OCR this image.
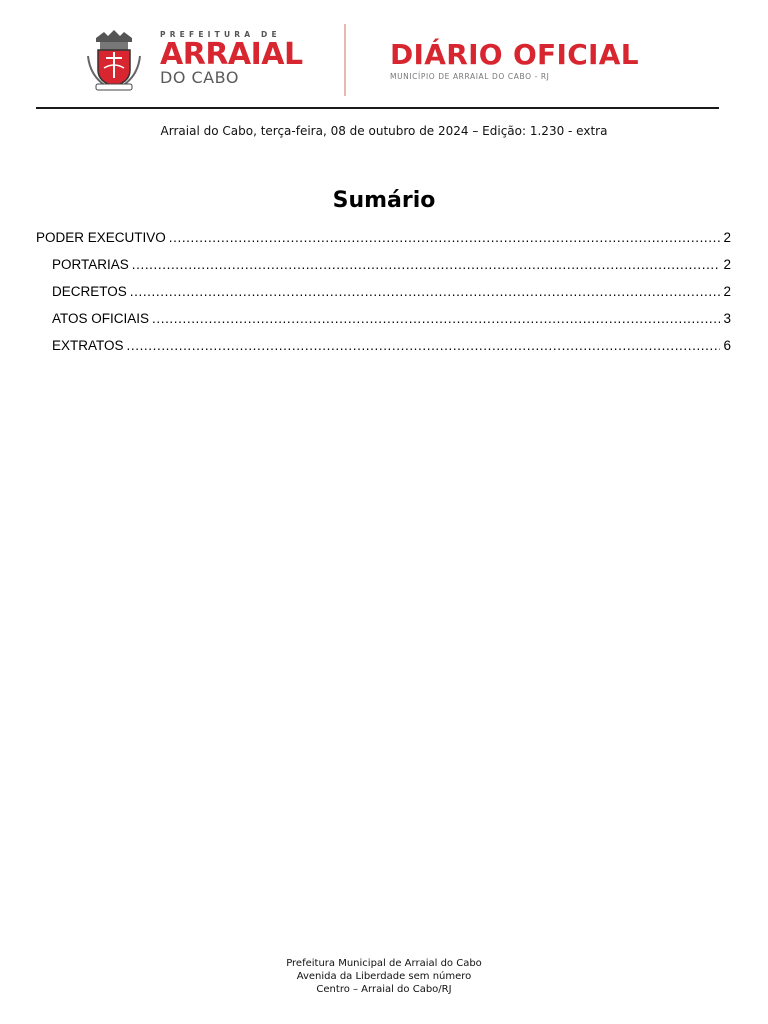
PREFEITURA DE
ARRAIAL
DO CABO
DIÁRIO OFICIAL
MUNICÍPIO DE ARRAIAL DO CABO - RJ
Arraial do Cabo, terça-feira, 08 de outubro de 2024 – Edição: 1.230 - extra
Sumário
PODER EXECUTIVO .....	2
PORTARIAS .....	2
DECRETOS .....	2
ATOS OFICIAIS .....	3
EXTRATOS .....	6
Prefeitura Municipal de Arraial do Cabo
Avenida da Liberdade sem número
Centro – Arraial do Cabo/RJ
